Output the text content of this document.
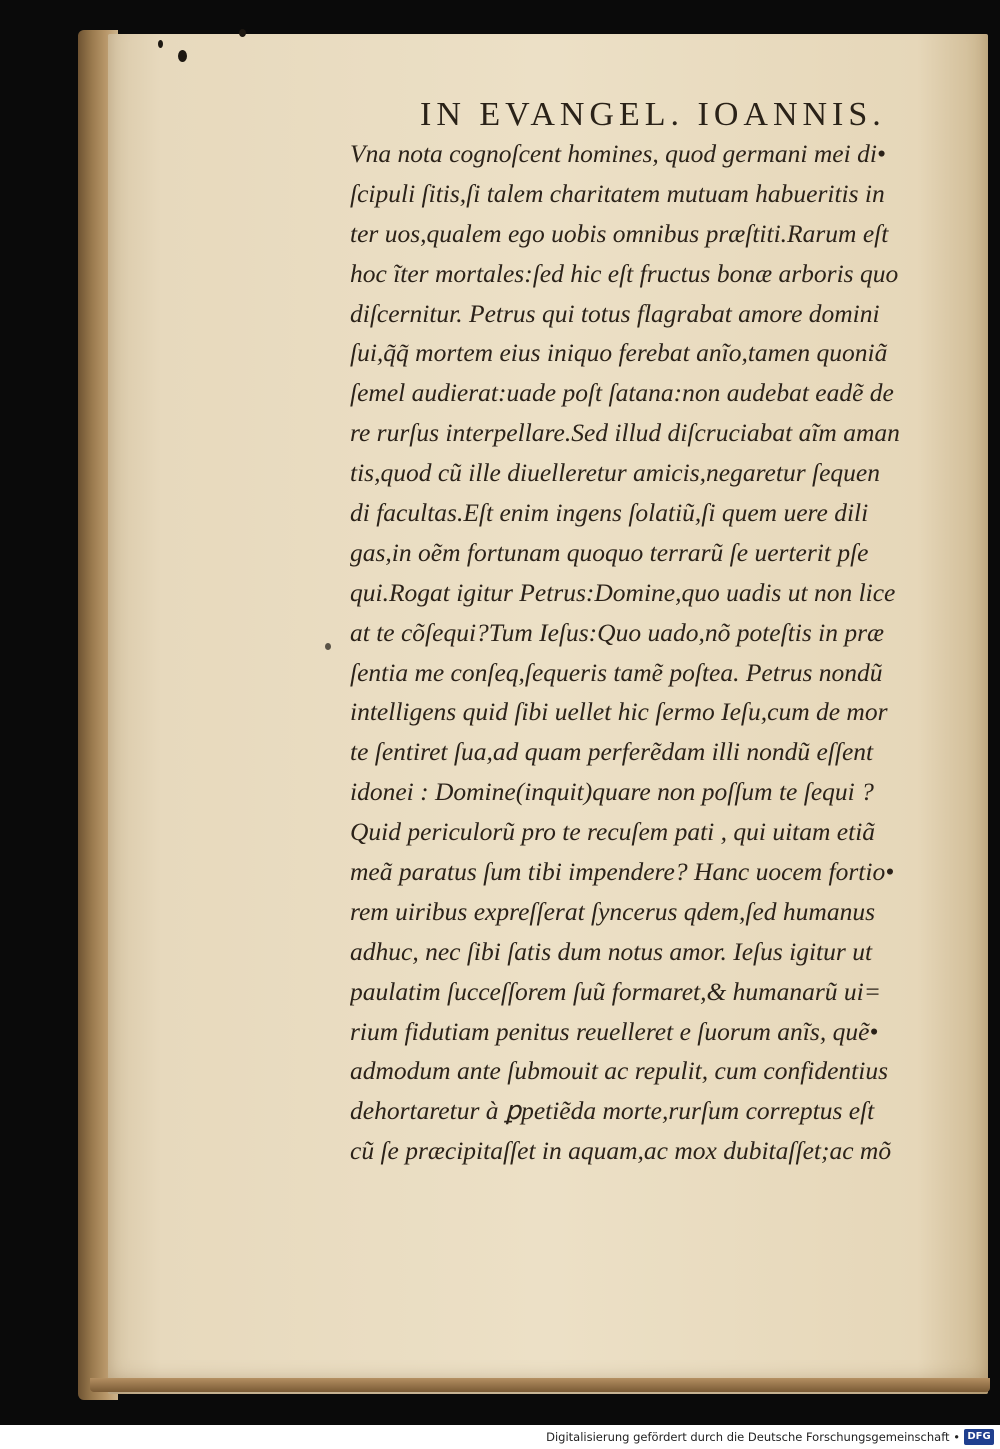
IN EVANGEL. IOANNIS.
Vna nota cognoſcent homines, quod germani mei di•
ſcipuli ſitis,ſi talem charitatem mutuam habueritis in
ter uos,qualem ego uobis omnibus præſtiti.Rarum eſt
hoc ĩter mortales:ſed hic eſt fructus bonæ arboris quo
diſcernitur. Petrus qui totus flagrabat amore domini
ſui,q̃q̃ mortem eius iniquo ferebat anĩo,tamen quoniã
ſemel audierat:uade poſt ſatana:non audebat eadẽ de
re rurſus interpellare.Sed illud diſcruciabat aĩm aman
tis,quod cũ ille diuelleretur amicis,negaretur ſequen
di facultas.Eſt enim ingens ſolatiũ,ſi quem uere dili
gas,in oẽm fortunam quoquo terrarũ ſe uerterit pſe
qui.Rogat igitur Petrus:Domine,quo uadis ut non lice
at te cõſequi?Tum Ieſus:Quo uado,nõ poteſtis in præ
ſentia me conſeq,ſequeris tamẽ poſtea. Petrus nondũ
intelligens quid ſibi uellet hic ſermo Ieſu,cum de mor
te ſentiret ſua,ad quam perferẽdam illi nondũ eſſent
idonei : Domine(inquit)quare non poſſum te ſequi ?
Quid periculorũ pro te recuſem pati , qui uitam etiã
meã paratus ſum tibi impendere? Hanc uocem fortio•
rem uiribus expreſſerat ſyncerus qdem,ſed humanus
adhuc, nec ſibi ſatis dum notus amor. Ieſus igitur ut
paulatim ſucceſſorem ſuũ formaret,& humanarũ ui=
rium fidutiam penitus reuelleret e ſuorum anĩs, quẽ•
admodum ante ſubmouit ac repulit, cum confidentius
dehortaretur à ꝑpetiẽda morte,rurſum correptus eſt
cũ ſe præcipitaſſet in aquam,ac mox dubitaſſet;ac mõ
Digitalisierung gefördert durch die Deutsche Forschungsgemeinschaft • DFG
